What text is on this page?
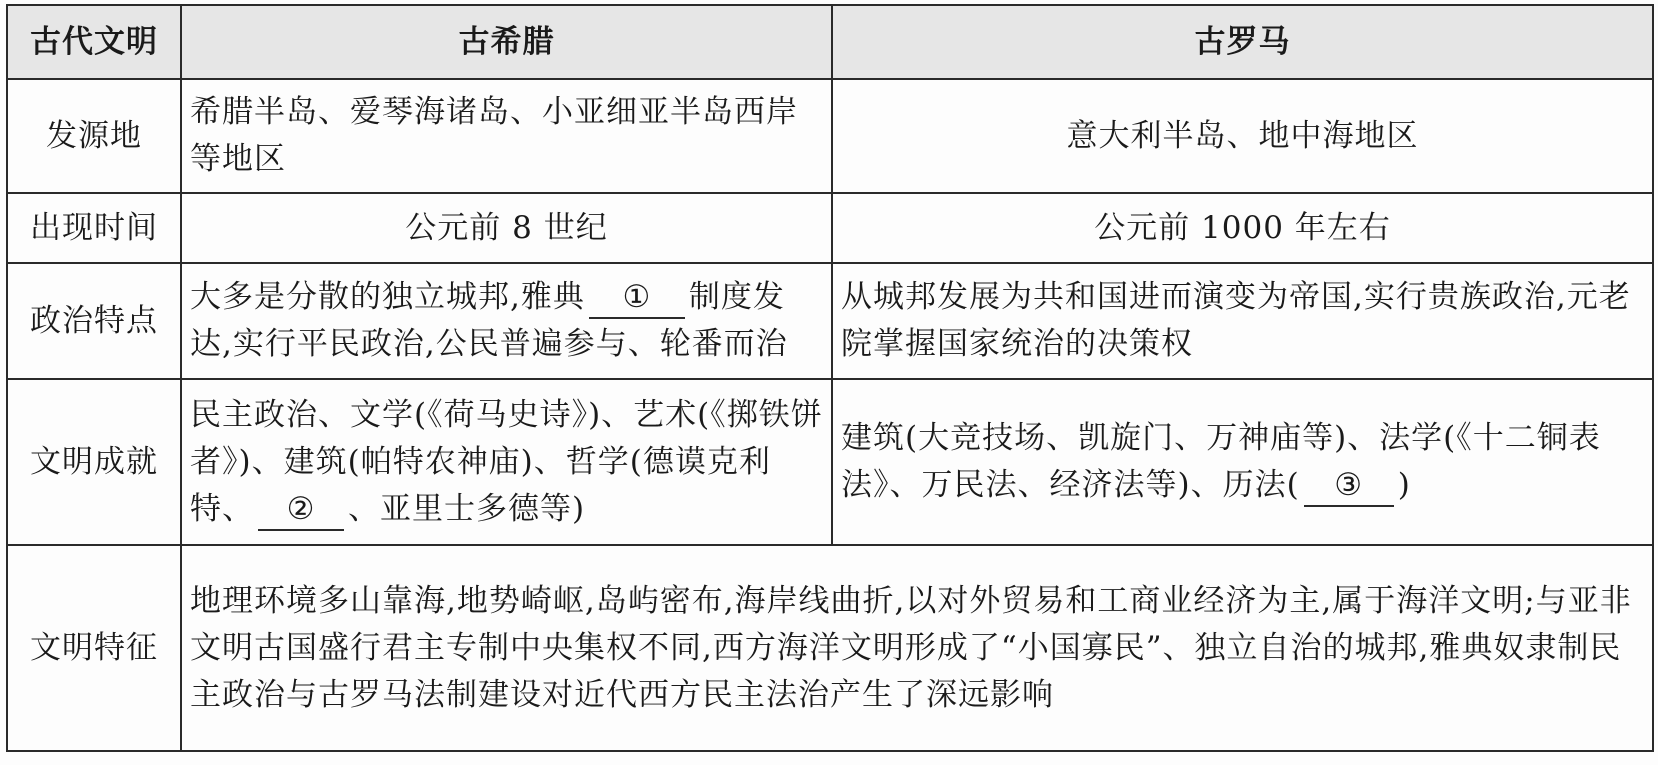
古代文明	古希腊	古罗马
发源地	希腊半岛、爱琴海诸岛、小亚细亚半岛西岸等地区	意大利半岛、地中海地区
出现时间	公元前 8 世纪	公元前 1000 年左右
政治特点	大多是分散的独立城邦,雅典 ① 制度发达,实行平民政治,公民普遍参与、轮番而治	从城邦发展为共和国进而演变为帝国,实行贵族政治,元老院掌握国家统治的决策权
文明成就	民主政治、文学(《荷马史诗》)、艺术(《掷铁饼者》)、建筑(帕特农神庙)、哲学(德谟克利特、 ② 、亚里士多德等)	建筑(大竞技场、凯旋门、万神庙等)、法学(《十二铜表法》、万民法、经济法等)、历法( ③ )
文明特征	地理环境多山靠海,地势崎岖,岛屿密布,海岸线曲折,以对外贸易和工商业经济为主,属于海洋文明;与亚非文明古国盛行君主专制中央集权不同,西方海洋文明形成了“小国寡民”、独立自治的城邦,雅典奴隶制民主政治与古罗马法制建设对近代西方民主法治产生了深远影响	
